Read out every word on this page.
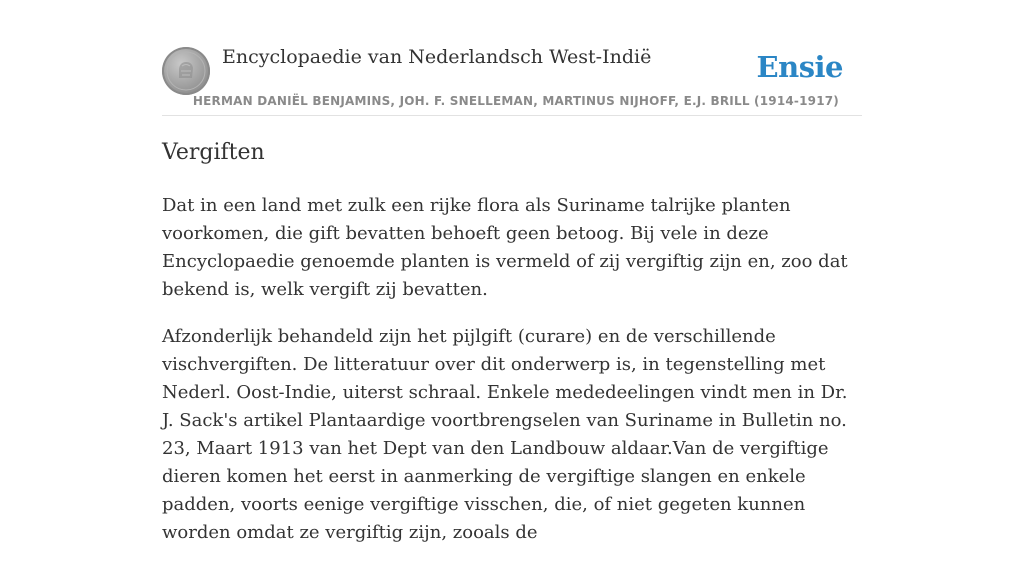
Encyclopaedie van Nederlandsch West-Indië	Ensie
HERMAN DANIËL BENJAMINS, JOH. F. SNELLEMAN, MARTINUS NIJHOFF, E.J. BRILL (1914-1917)
Vergiften

Dat in een land met zulk een rijke flora als Suriname talrijke planten voorkomen, die gift bevatten behoeft geen betoog. Bij vele in deze Encyclopaedie genoemde planten is vermeld of zij vergiftig zijn en, zoo dat bekend is, welk vergift zij bevatten.

Afzonderlijk behandeld zijn het pijlgift (curare) en de verschillende vischvergiften. De litteratuur over dit onderwerp is, in tegenstelling met Nederl. Oost-Indie, uiterst schraal. Enkele mededeelingen vindt men in Dr. J. Sack's artikel Plantaardige voortbrengselen van Suriname in Bulletin no. 23, Maart 1913 van het Dept van den Landbouw aldaar.Van de vergiftige dieren komen het eerst in aanmerking de vergiftige slangen en enkele padden, voorts eenige vergiftige visschen, die, of niet gegeten kunnen worden omdat ze vergiftig zijn, zooals de
